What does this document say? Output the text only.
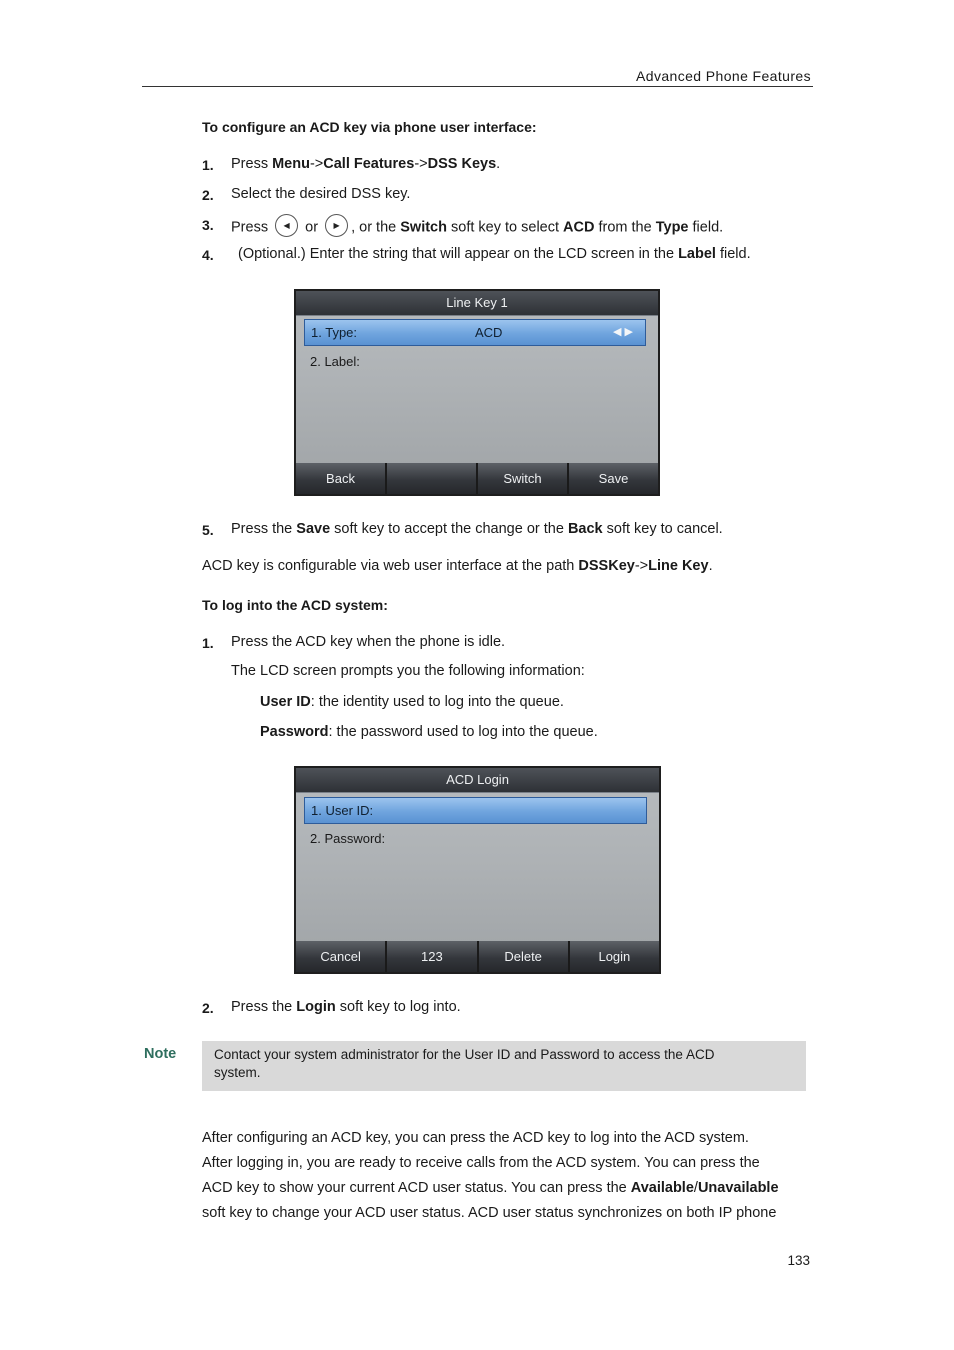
Advanced Phone Features
To configure an ACD key via phone user interface:
1. Press Menu->Call Features->DSS Keys.
2. Select the desired DSS key.
3. Press ◀ or ▶ , or the Switch soft key to select ACD from the Type field.
4. (Optional.) Enter the string that will appear on the LCD screen in the Label field.
Line Key 1
1. Type:	ACD	◀ ▶
2. Label:
Back	Switch	Save
5. Press the Save soft key to accept the change or the Back soft key to cancel.
ACD key is configurable via web user interface at the path DSSKey->Line Key.
To log into the ACD system:
1. Press the ACD key when the phone is idle.
The LCD screen prompts you the following information:
User ID: the identity used to log into the queue.
Password: the password used to log into the queue.
ACD Login
1. User ID:
2. Password:
Cancel	123	Delete	Login
2. Press the Login soft key to log into.
Note	Contact your system administrator for the User ID and Password to access the ACD
system.
After configuring an ACD key, you can press the ACD key to log into the ACD system.
After logging in, you are ready to receive calls from the ACD system. You can press the
ACD key to show your current ACD user status. You can press the Available/Unavailable
soft key to change your ACD user status. ACD user status synchronizes on both IP phone
133
